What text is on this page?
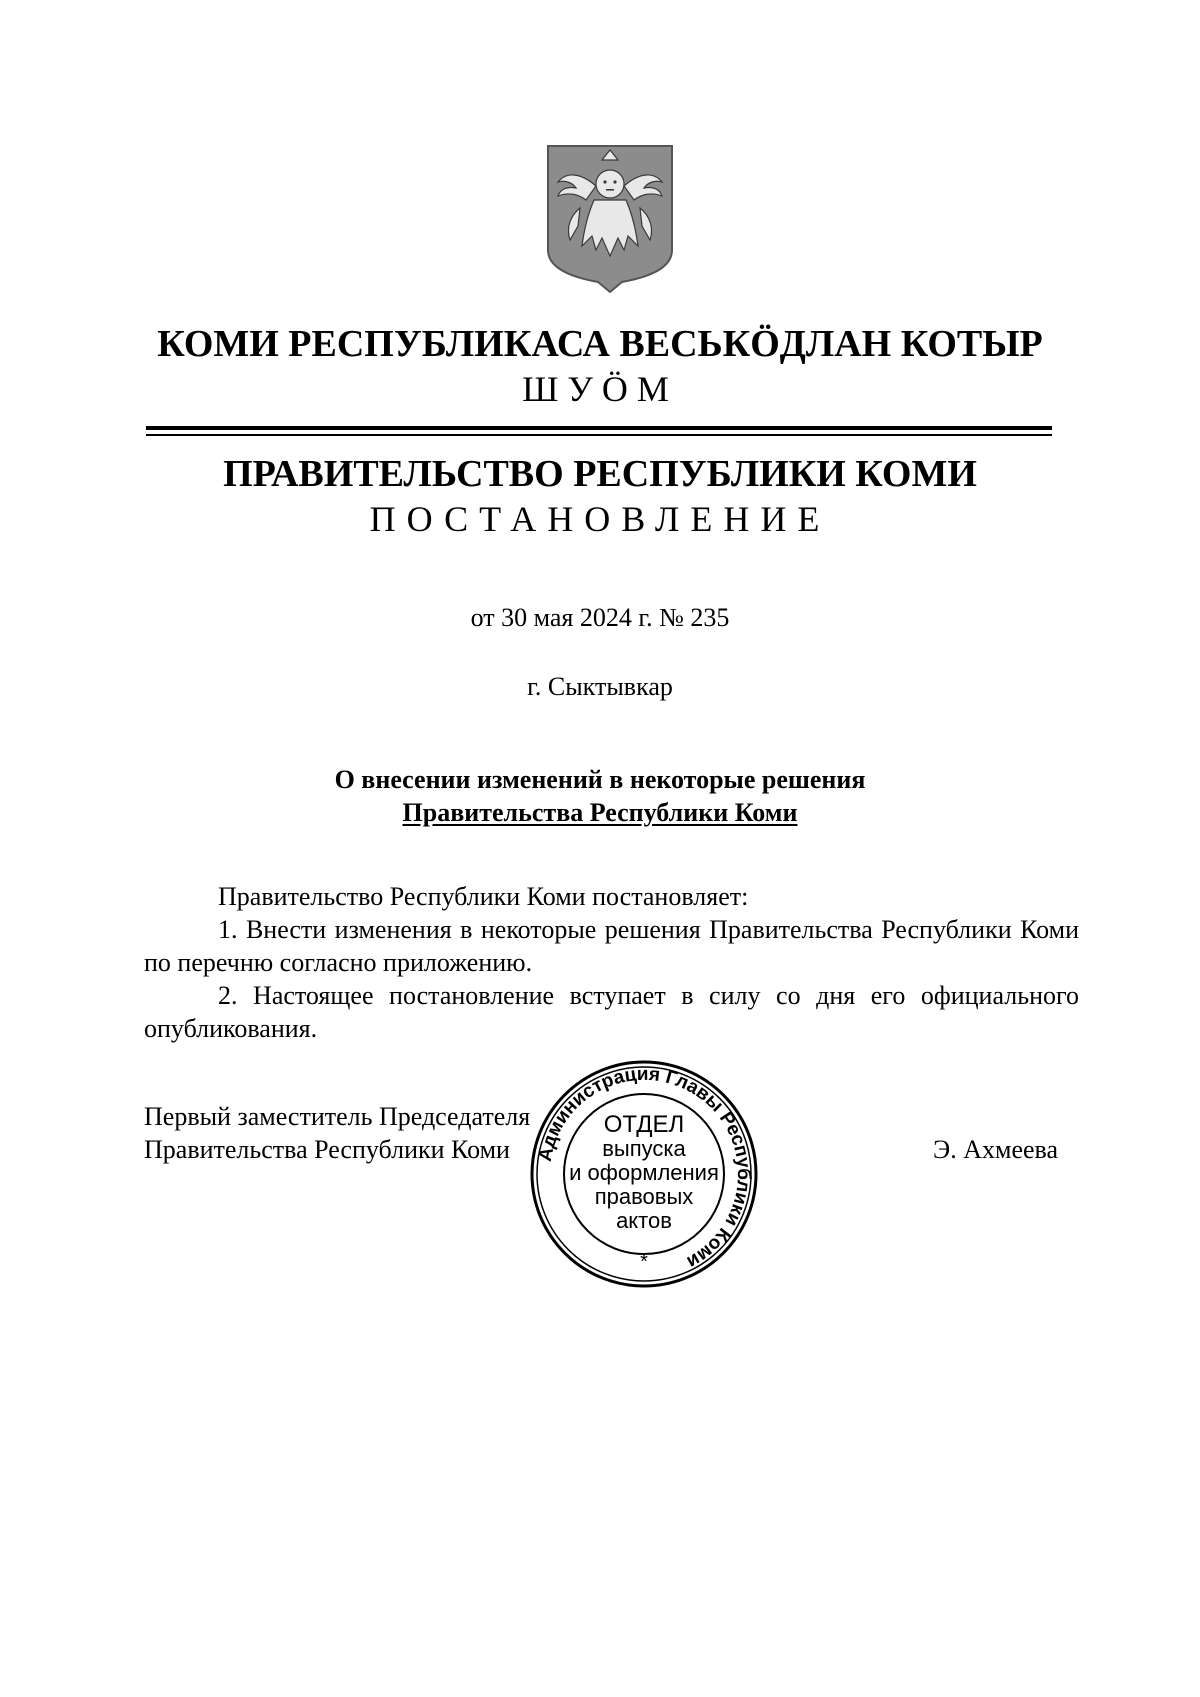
КОМИ РЕСПУБЛИКАСА ВЕСЬКӦДЛАН КОТЫР
ШУӦМ
ПРАВИТЕЛЬСТВО РЕСПУБЛИКИ КОМИ
ПОСТАНОВЛЕНИЕ
от 30 мая 2024 г. № 235
г. Сыктывкар
О внесении изменений в некоторые решения
Правительства Республики Коми

Правительство Республики Коми постановляет:

1. Внести изменения в некоторые решения Правительства Республики Коми по перечню согласно приложению.

2. Настоящее постановление вступает в силу со дня его официального опубликования.

Первый заместитель Председателя
Правительства Республики Коми	Э. Ахмеева
Администрация Главы Республики Коми
ОТДЕЛ
выпуска
и оформления
правовых
актов
*
